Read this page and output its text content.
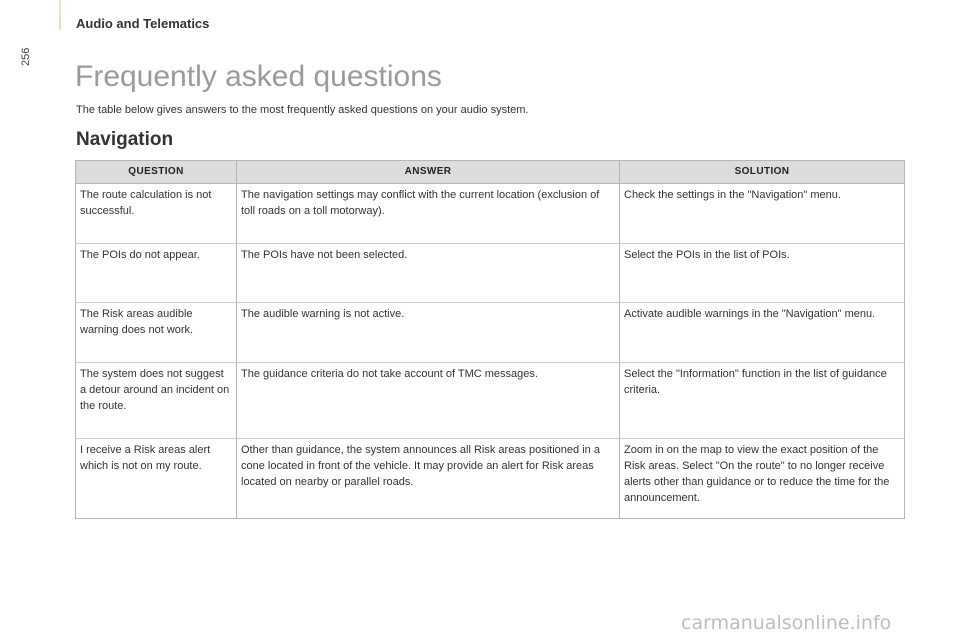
256
Audio and Telematics
Frequently asked questions
The table below gives answers to the most frequently asked questions on your audio system.
Navigation
QUESTION	ANSWER	SOLUTION
The route calculation is not successful.	The navigation settings may conflict with the current location (exclusion of toll roads on a toll motorway).	Check the settings in the "Navigation" menu.
The POIs do not appear.	The POIs have not been selected.	Select the POIs in the list of POIs.
The Risk areas audible warning does not work.	The audible warning is not active.	Activate audible warnings in the "Navigation" menu.
The system does not suggest a detour around an incident on the route.	The guidance criteria do not take account of TMC messages.	Select the "Information" function in the list of guidance criteria.
I receive a Risk areas alert which is not on my route.	Other than guidance, the system announces all Risk areas positioned in a cone located in front of the vehicle. It may provide an alert for Risk areas located on nearby or parallel roads.	Zoom in on the map to view the exact position of the Risk areas. Select "On the route" to no longer receive alerts other than guidance or to reduce the time for the announcement.
carmanualsonline.info
